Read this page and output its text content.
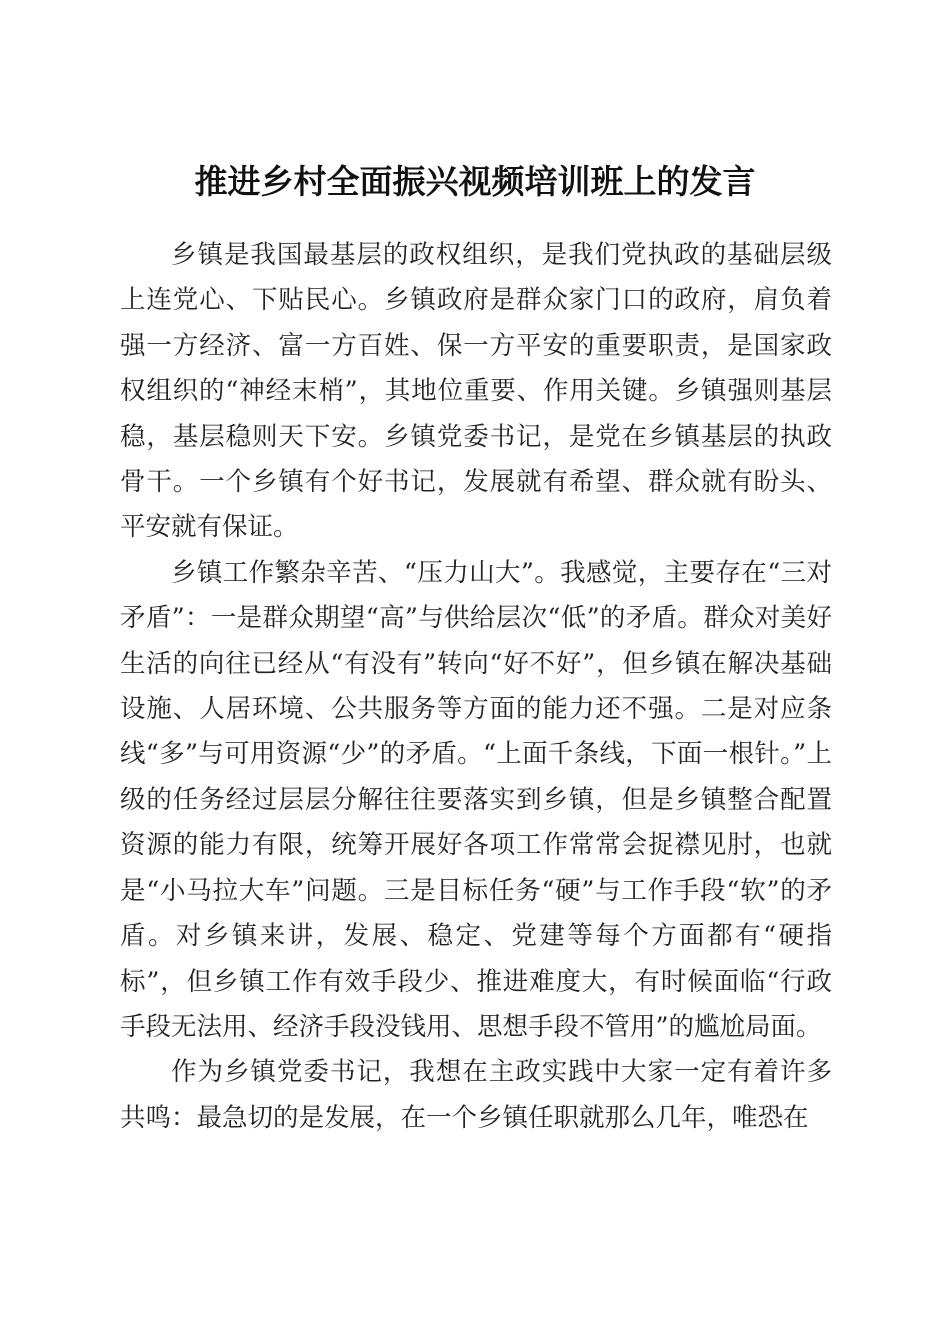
推进乡村全面振兴视频培训班上的发言

乡镇是我国最基层的政权组织，是我们党执政的基础层级上连党心、下贴民心。乡镇政府是群众家门口的政府，肩负着强一方经济、富一方百姓、保一方平安的重要职责，是国家政权组织的“神经末梢”，其地位重要、作用关键。乡镇强则基层稳，基层稳则天下安。乡镇党委书记，是党在乡镇基层的执政骨干。一个乡镇有个好书记，发展就有希望、群众就有盼头、平安就有保证。

乡镇工作繁杂辛苦、“压力山大”。我感觉，主要存在“三对矛盾”：一是群众期望“高”与供给层次“低”的矛盾。群众对美好生活的向往已经从“有没有”转向“好不好”，但乡镇在解决基础设施、人居环境、公共服务等方面的能力还不强。二是对应条线“多”与可用资源“少”的矛盾。“上面千条线，下面一根针。”上级的任务经过层层分解往往要落实到乡镇，但是乡镇整合配置资源的能力有限，统筹开展好各项工作常常会捉襟见肘，也就是“小马拉大车”问题。三是目标任务“硬”与工作手段“软”的矛盾。对乡镇来讲，发展、稳定、党建等每个方面都有“硬指标”，但乡镇工作有效手段少、推进难度大，有时候面临“行政手段无法用、经济手段没钱用、思想手段不管用”的尴尬局面。

作为乡镇党委书记，我想在主政实践中大家一定有着许多共鸣：最急切的是发展，在一个乡镇任职就那么几年，唯恐在
